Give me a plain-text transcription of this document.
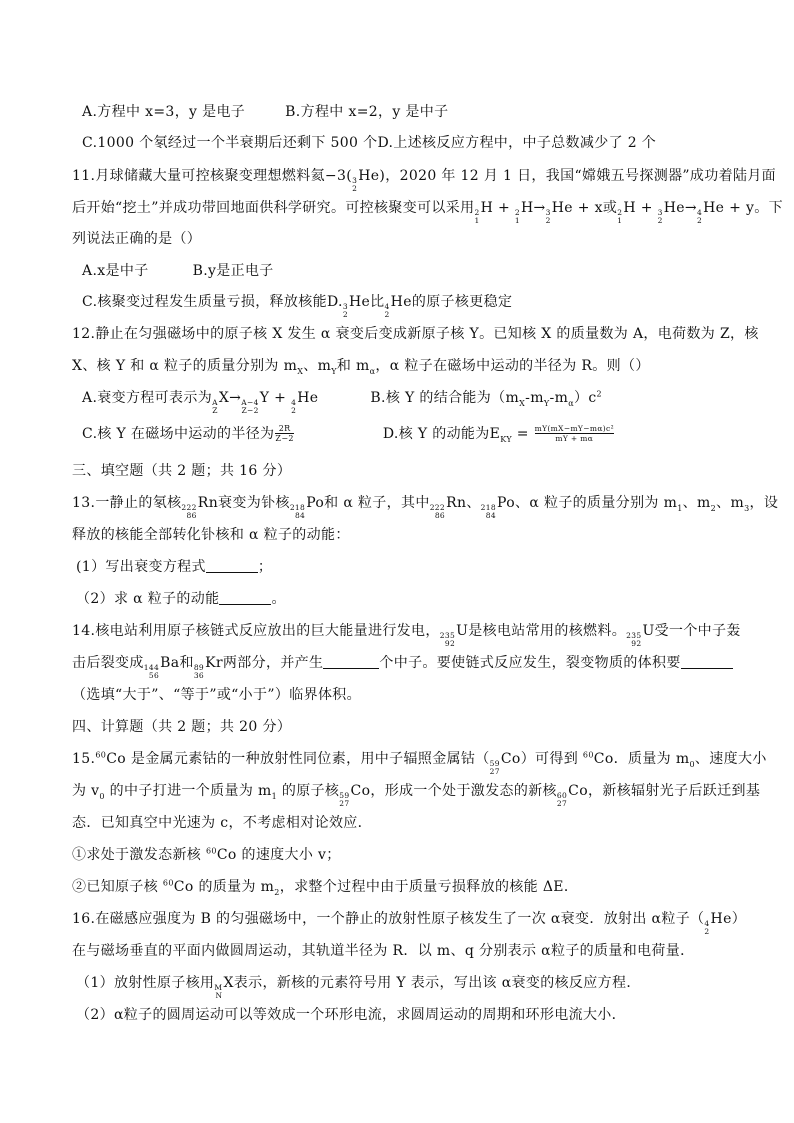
A.方程中 x=3，y 是电子	B.方程中 x=2，y 是中子
C.1000 个氡经过一个半衰期后还剩下 500 个D.上述核反应方程中，中子总数减少了 2 个
11.月球储藏大量可控核聚变理想燃料氦−3( 3
2
He)，2020 年 12 月 1 日，我国“嫦娥五号探测器”成功着陆月面
后开始“挖土”并成功带回地面供科学研究。可控核聚变可以采用 2
1
H + 2
1
H→ 3
2
He + x或 2
1
H + 3
2
He→ 4
2
He + y。下
列说法正确的是（）
A.x是中子	B.y是正电子
C.核聚变过程发生质量亏损，释放核能D. 3
2
He比 4
2
He的原子核更稳定
12.静止在匀强磁场中的原子核 X 发生 α 衰变后变成新原子核 Y。已知核 X 的质量数为 A，电荷数为 Z，核
X、核 Y 和 α 粒子的质量分别为 $m_X$、$m_Y$和 $m_\alpha$，α 粒子在磁场中运动的半径为 R。则（）
A.衰变方程可表示为 A
Z
X→ A−4
Z−2
Y + 4
2
He	B.核 Y 的结合能为$(m_X-m_Y-m_\alpha)c^2$
C.核 Y 在磁场中运动的半径为 $\frac{2R}{Z-2}$	D.核 Y 的动能为$E_{KY} = \frac{\text{mY(mX−mY−mα)c²}}{mY + m\alpha}$
三、填空题（共 2 题；共 16 分）
13.一静止的氡核 222
86
Rn衰变为钋核 218
84
Po和 α 粒子，其中 222
86
Rn、 218
84
Po、α 粒子的质量分别为 $m_1$、$m_2$、$m_3$，设
释放的核能全部转化钋核和 α 粒子的动能：
(1）写出衰变方程式	；
（2）求 α 粒子的动能	。
14.核电站利用原子核链式反应放出的巨大能量进行发电， 235
92
U是核电站常用的核燃料。 235
92
U受一个中子轰
击后裂变成 144
56
Ba和 89
36
Kr两部分，并产生	个中子。要使链式反应发生，裂变物质的体积要
（选填“大于”、“等于”或“小于”）临界体积。
四、计算题（共 2 题；共 20 分）
15.60Co 是金属元素钴的一种放射性同位素，用中子辐照金属钴（ 59
27
Co）可得到 $^{60}$Co．质量为 $m_0$、速度大小
为 $v_0$ 的中子打进一个质量为 $m_1$ 的原子核 59
27
Co，形成一个处于激发态的新核 60
27
Co，新核辐射光子后跃迁到基
态．已知真空中光速为 c，不考虑相对论效应．
①求处于激发态新核 $^{60}$Co 的速度大小 v；
②已知原子核 $^{60}$Co 的质量为 $m_2$，求整个过程中由于质量亏损释放的核能 ΔE．
16.在磁感应强度为 B 的匀强磁场中，一个静止的放射性原子核发生了一次 α衰变．放射出 α粒子（ 4
2
He）
在与磁场垂直的平面内做圆周运动，其轨道半径为 R．以 m、q 分别表示 α粒子的质量和电荷量．
（1）放射性原子核用 M
N
X表示，新核的元素符号用 Y 表示，写出该 α衰变的核反应方程．
（2）α粒子的圆周运动可以等效成一个环形电流，求圆周运动的周期和环形电流大小．
